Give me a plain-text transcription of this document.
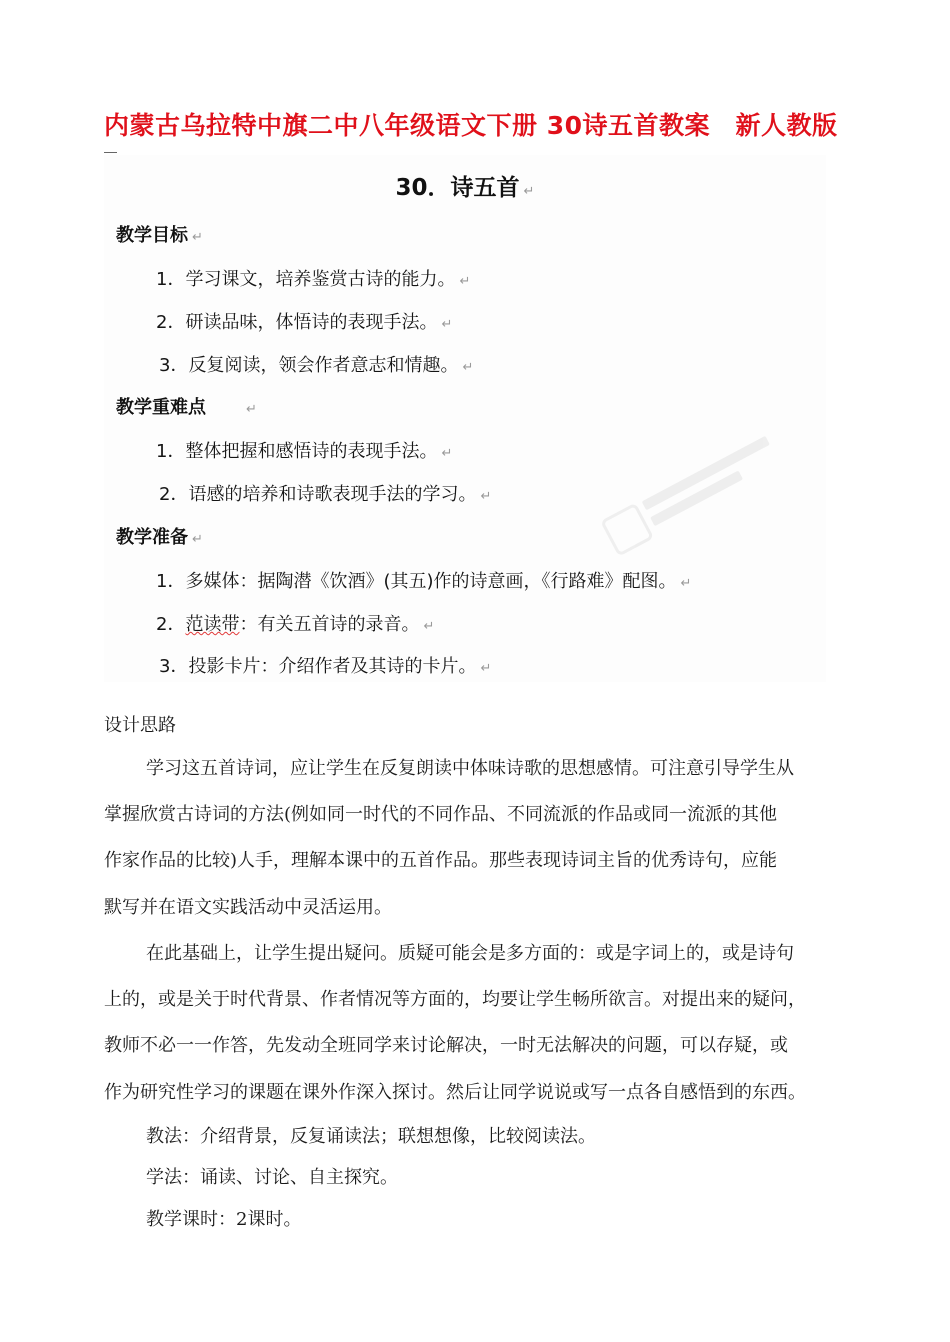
内蒙古乌拉特中旗二中八年级语文下册 30诗五首教案　新人教版
30．诗五首 ↵
教学目标 ↵
1．学习课文，培养鉴赏古诗的能力。 ↵
2．研读品味，体悟诗的表现手法。 ↵
3．反复阅读，领会作者意志和情趣。 ↵
教学重难点	↵
1．整体把握和感悟诗的表现手法。 ↵
2．语感的培养和诗歌表现手法的学习。 ↵
教学准备 ↵
1．多媒体：据陶潜《饮酒》(其五)作的诗意画，《行路难》配图。 ↵
2．范读带：有关五首诗的录音。 ↵
3．投影卡片：介绍作者及其诗的卡片。 ↵
设计思路
学习这五首诗词，应让学生在反复朗读中体味诗歌的思想感情。可注意引导学生从
掌握欣赏古诗词的方法(例如同一时代的不同作品、不同流派的作品或同一流派的其他
作家作品的比较)人手，理解本课中的五首作品。那些表现诗词主旨的优秀诗句，应能
默写并在语文实践活动中灵活运用。
在此基础上，让学生提出疑问。质疑可能会是多方面的：或是字词上的，或是诗句
上的，或是关于时代背景、作者情况等方面的，均要让学生畅所欲言。对提出来的疑问，
教师不必一一作答，先发动全班同学来讨论解决，一时无法解决的问题，可以存疑，或
作为研究性学习的课题在课外作深入探讨。然后让同学说说或写一点各自感悟到的东西。
教法：介绍背景，反复诵读法；联想想像，比较阅读法。
学法：诵读、讨论、自主探究。
教学课时：2课时。
